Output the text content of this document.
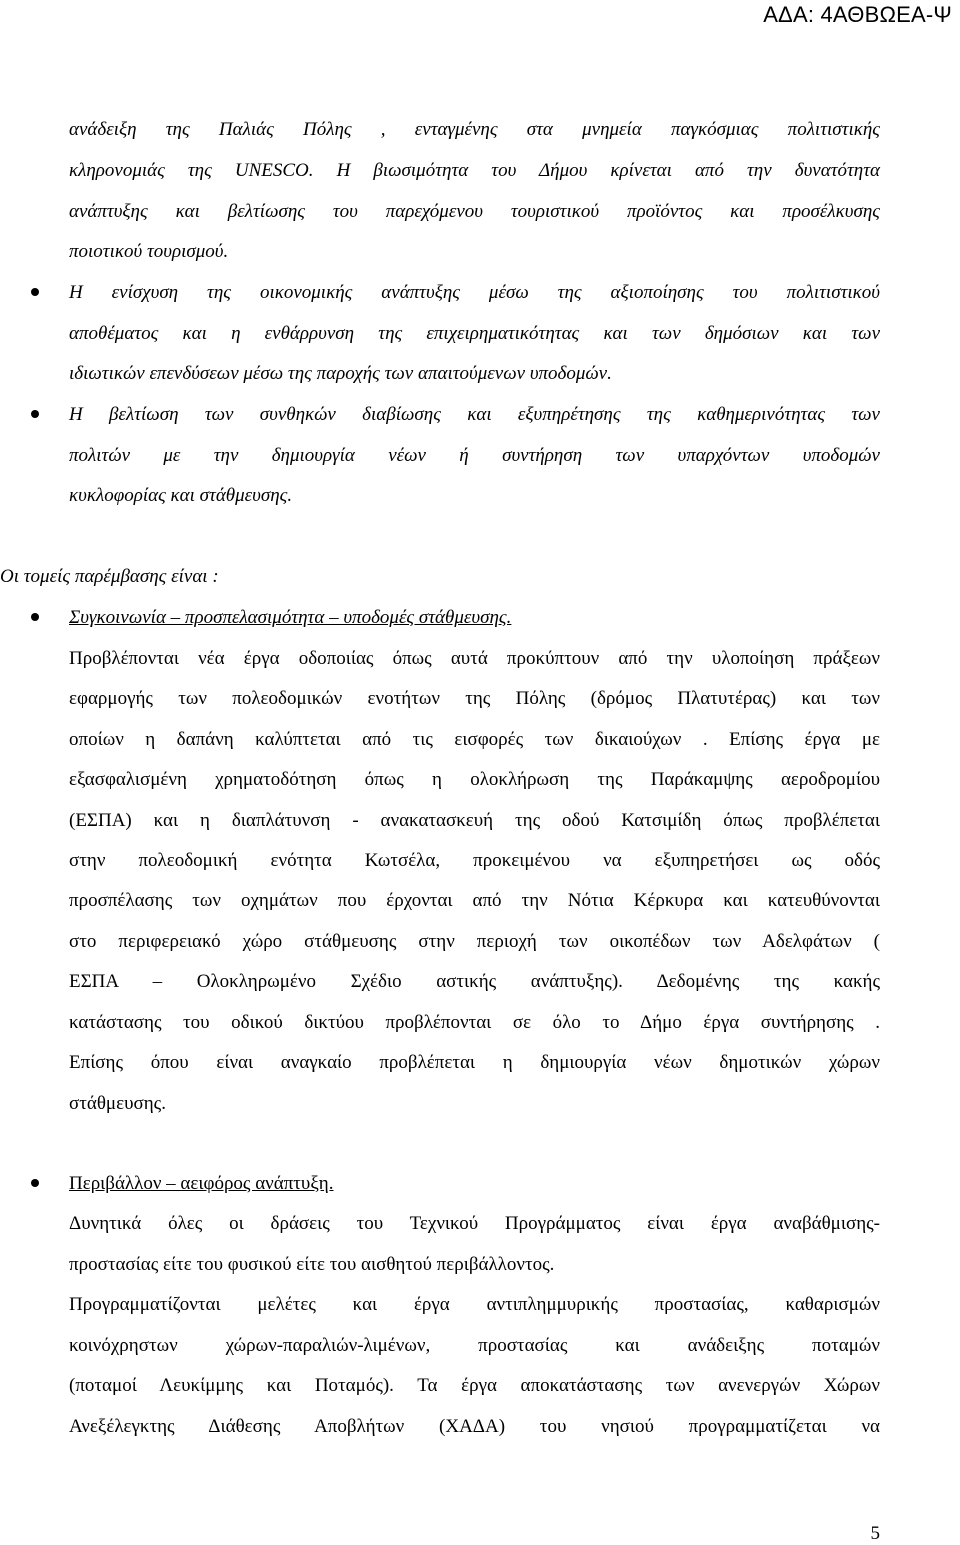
ΑΔΑ: 4ΑΘΒΩΕΑ-Ψ
ανάδειξη της Παλιάς Πόλης , ενταγμένης στα μνημεία παγκόσμιας πολιτιστικής
κληρονομιάς της UNESCO. Η βιωσιμότητα του Δήμου κρίνεται από την δυνατότητα
ανάπτυξης και βελτίωσης του παρεχόμενου τουριστικού προϊόντος και προσέλκυσης
ποιοτικού τουρισμού.
Η ενίσχυση της οικονομικής ανάπτυξης μέσω της αξιοποίησης του πολιτιστικού
αποθέματος και η ενθάρρυνση της επιχειρηματικότητας και των δημόσιων και των
ιδιωτικών επενδύσεων μέσω της παροχής των απαιτούμενων υποδομών.
Η βελτίωση των συνθηκών διαβίωσης και εξυπηρέτησης της καθημερινότητας των
πολιτών με την δημιουργία νέων ή συντήρηση των υπαρχόντων υποδομών
κυκλοφορίας και στάθμευσης.
Οι τομείς παρέμβασης είναι :
Συγκοινωνία – προσπελασιμότητα – υποδομές στάθμευσης.
Προβλέπονται νέα έργα οδοποιίας όπως αυτά προκύπτουν από την υλοποίηση πράξεων
εφαρμογής των πολεοδομικών ενοτήτων της Πόλης (δρόμος Πλατυτέρας) και των
οποίων η δαπάνη καλύπτεται από τις εισφορές των δικαιούχων . Επίσης έργα με
εξασφαλισμένη χρηματοδότηση όπως η ολοκλήρωση της Παράκαμψης αεροδρομίου
(ΕΣΠΑ) και η διαπλάτυνση - ανακατασκευή της οδού Κατσιμίδη όπως προβλέπεται
στην πολεοδομική ενότητα Κωτσέλα, προκειμένου να εξυπηρετήσει ως οδός
προσπέλασης των οχημάτων που έρχονται από την Νότια Κέρκυρα και κατευθύνονται
στο περιφερειακό χώρο στάθμευσης στην περιοχή των οικοπέδων των Αδελφάτων (
ΕΣΠΑ – Ολοκληρωμένο Σχέδιο αστικής ανάπτυξης). Δεδομένης της κακής
κατάστασης του οδικού δικτύου προβλέπονται σε όλο το Δήμο έργα συντήρησης .
Επίσης όπου είναι αναγκαίο προβλέπεται η δημιουργία νέων δημοτικών χώρων
στάθμευσης.
Περιβάλλον – αειφόρος ανάπτυξη.
Δυνητικά όλες οι δράσεις του Τεχνικού Προγράμματος είναι έργα αναβάθμισης-
προστασίας είτε του φυσικού είτε του αισθητού περιβάλλοντος.
Προγραμματίζονται μελέτες και έργα αντιπλημμυρικής προστασίας, καθαρισμών
κοινόχρηστων χώρων-παραλιών-λιμένων, προστασίας και ανάδειξης ποταμών
(ποταμοί Λευκίμμης και Ποταμός). Τα έργα αποκατάστασης των ανενεργών Χώρων
Ανεξέλεγκτης Διάθεσης Αποβλήτων (ΧΑΔΑ) του νησιού προγραμματίζεται να
5
